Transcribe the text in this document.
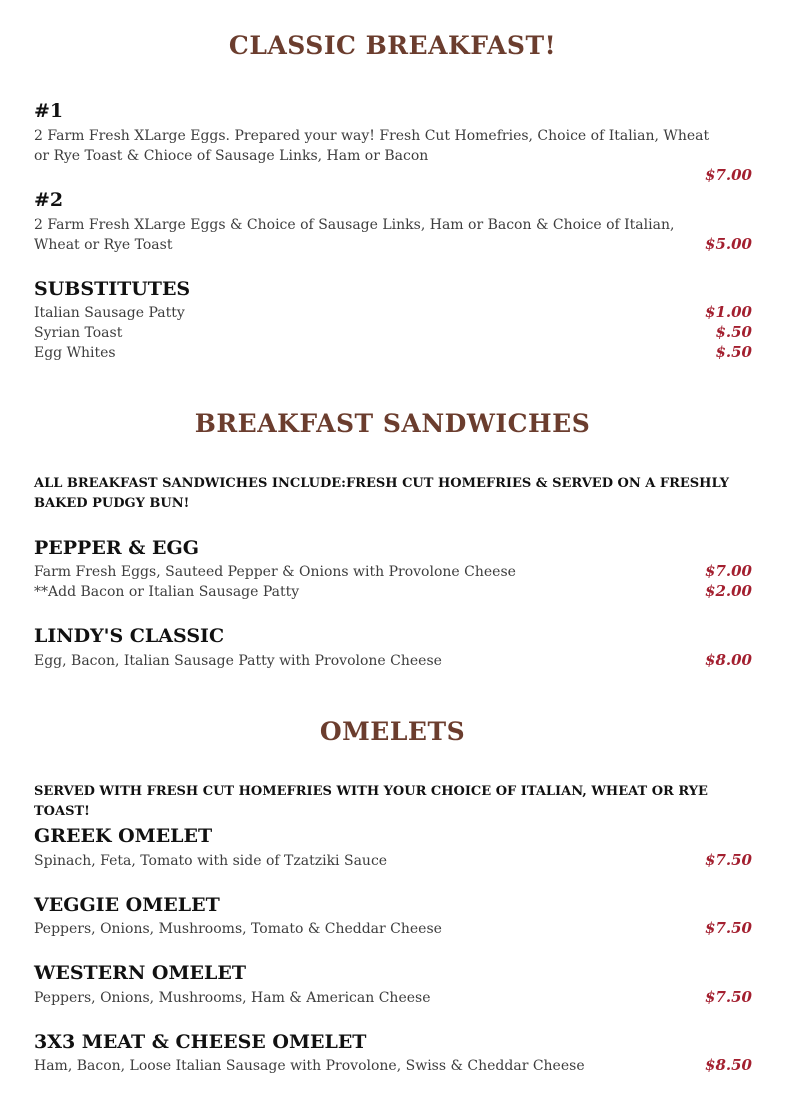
CLASSIC BREAKFAST!
#1
2 Farm Fresh XLarge Eggs. Prepared your way! Fresh Cut Homefries, Choice of Italian, Wheat or Rye Toast & Chioce of Sausage Links, Ham or Bacon
$7.00
#2
2 Farm Fresh XLarge Eggs & Choice of Sausage Links, Ham or Bacon & Choice of Italian, Wheat or Rye Toast	$5.00
SUBSTITUTES
Italian Sausage Patty	$1.00
Syrian Toast	$.50
Egg Whites	$.50
BREAKFAST SANDWICHES
ALL BREAKFAST SANDWICHES INCLUDE:FRESH CUT HOMEFRIES & SERVED ON A FRESHLY BAKED PUDGY BUN!
PEPPER & EGG
Farm Fresh Eggs, Sauteed Pepper & Onions with Provolone Cheese	$7.00
**Add Bacon or Italian Sausage Patty	$2.00
LINDY'S CLASSIC
Egg, Bacon, Italian Sausage Patty with Provolone Cheese	$8.00
OMELETS
SERVED WITH FRESH CUT HOMEFRIES WITH YOUR CHOICE OF ITALIAN, WHEAT OR RYE TOAST!
GREEK OMELET
Spinach, Feta, Tomato with side of Tzatziki Sauce	$7.50
VEGGIE OMELET
Peppers, Onions, Mushrooms, Tomato & Cheddar Cheese	$7.50
WESTERN OMELET
Peppers, Onions, Mushrooms, Ham & American Cheese	$7.50
3X3 MEAT & CHEESE OMELET
Ham, Bacon, Loose Italian Sausage with Provolone, Swiss & Cheddar Cheese	$8.50
